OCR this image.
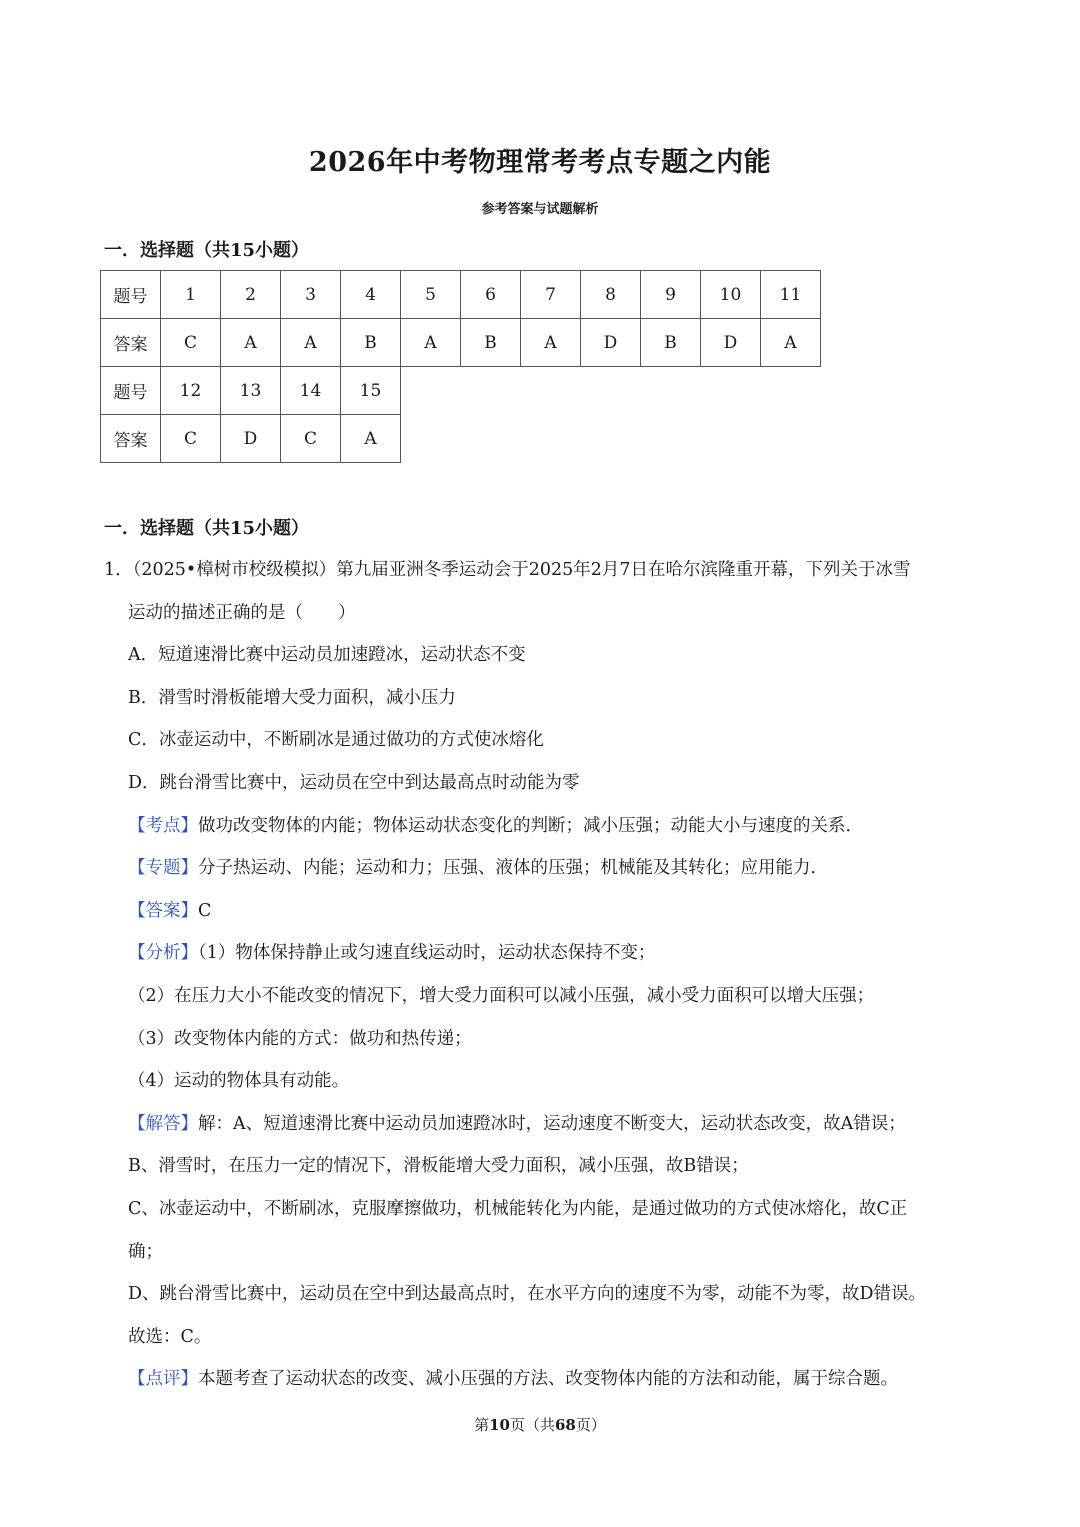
2026年中考物理常考考点专题之内能
参考答案与试题解析
一．选择题（共15小题）
题号	1	2	3	4	5	6	7	8	9	10	11
答案	C	A	A	B	A	B	A	D	B	D	A
题号	12	13	14	15
答案	C	D	C	A
一．选择题（共15小题）

1．（2025•樟树市校级模拟）第九届亚洲冬季运动会于2025年2月7日在哈尔滨隆重开幕，下列关于冰雪

运动的描述正确的是（　　）

A．短道速滑比赛中运动员加速蹬冰，运动状态不变

B．滑雪时滑板能增大受力面积，减小压力

C．冰壶运动中，不断刷冰是通过做功的方式使冰熔化

D．跳台滑雪比赛中，运动员在空中到达最高点时动能为零

【考点】做功改变物体的内能；物体运动状态变化的判断；减小压强；动能大小与速度的关系．

【专题】分子热运动、内能；运动和力；压强、液体的压强；机械能及其转化；应用能力．

【答案】C

【分析】（1）物体保持静止或匀速直线运动时，运动状态保持不变；

（2）在压力大小不能改变的情况下，增大受力面积可以减小压强，减小受力面积可以增大压强；

（3）改变物体内能的方式：做功和热传递；

（4）运动的物体具有动能。

【解答】解：A、短道速滑比赛中运动员加速蹬冰时，运动速度不断变大，运动状态改变，故A错误；

B、滑雪时，在压力一定的情况下，滑板能增大受力面积，减小压强，故B错误；

C、冰壶运动中，不断刷冰，克服摩擦做功，机械能转化为内能，是通过做功的方式使冰熔化，故C正

确；

D、跳台滑雪比赛中，运动员在空中到达最高点时，在水平方向的速度不为零，动能不为零，故D错误。

故选：C。

【点评】本题考查了运动状态的改变、减小压强的方法、改变物体内能的方法和动能，属于综合题。

第10页（共68页）
